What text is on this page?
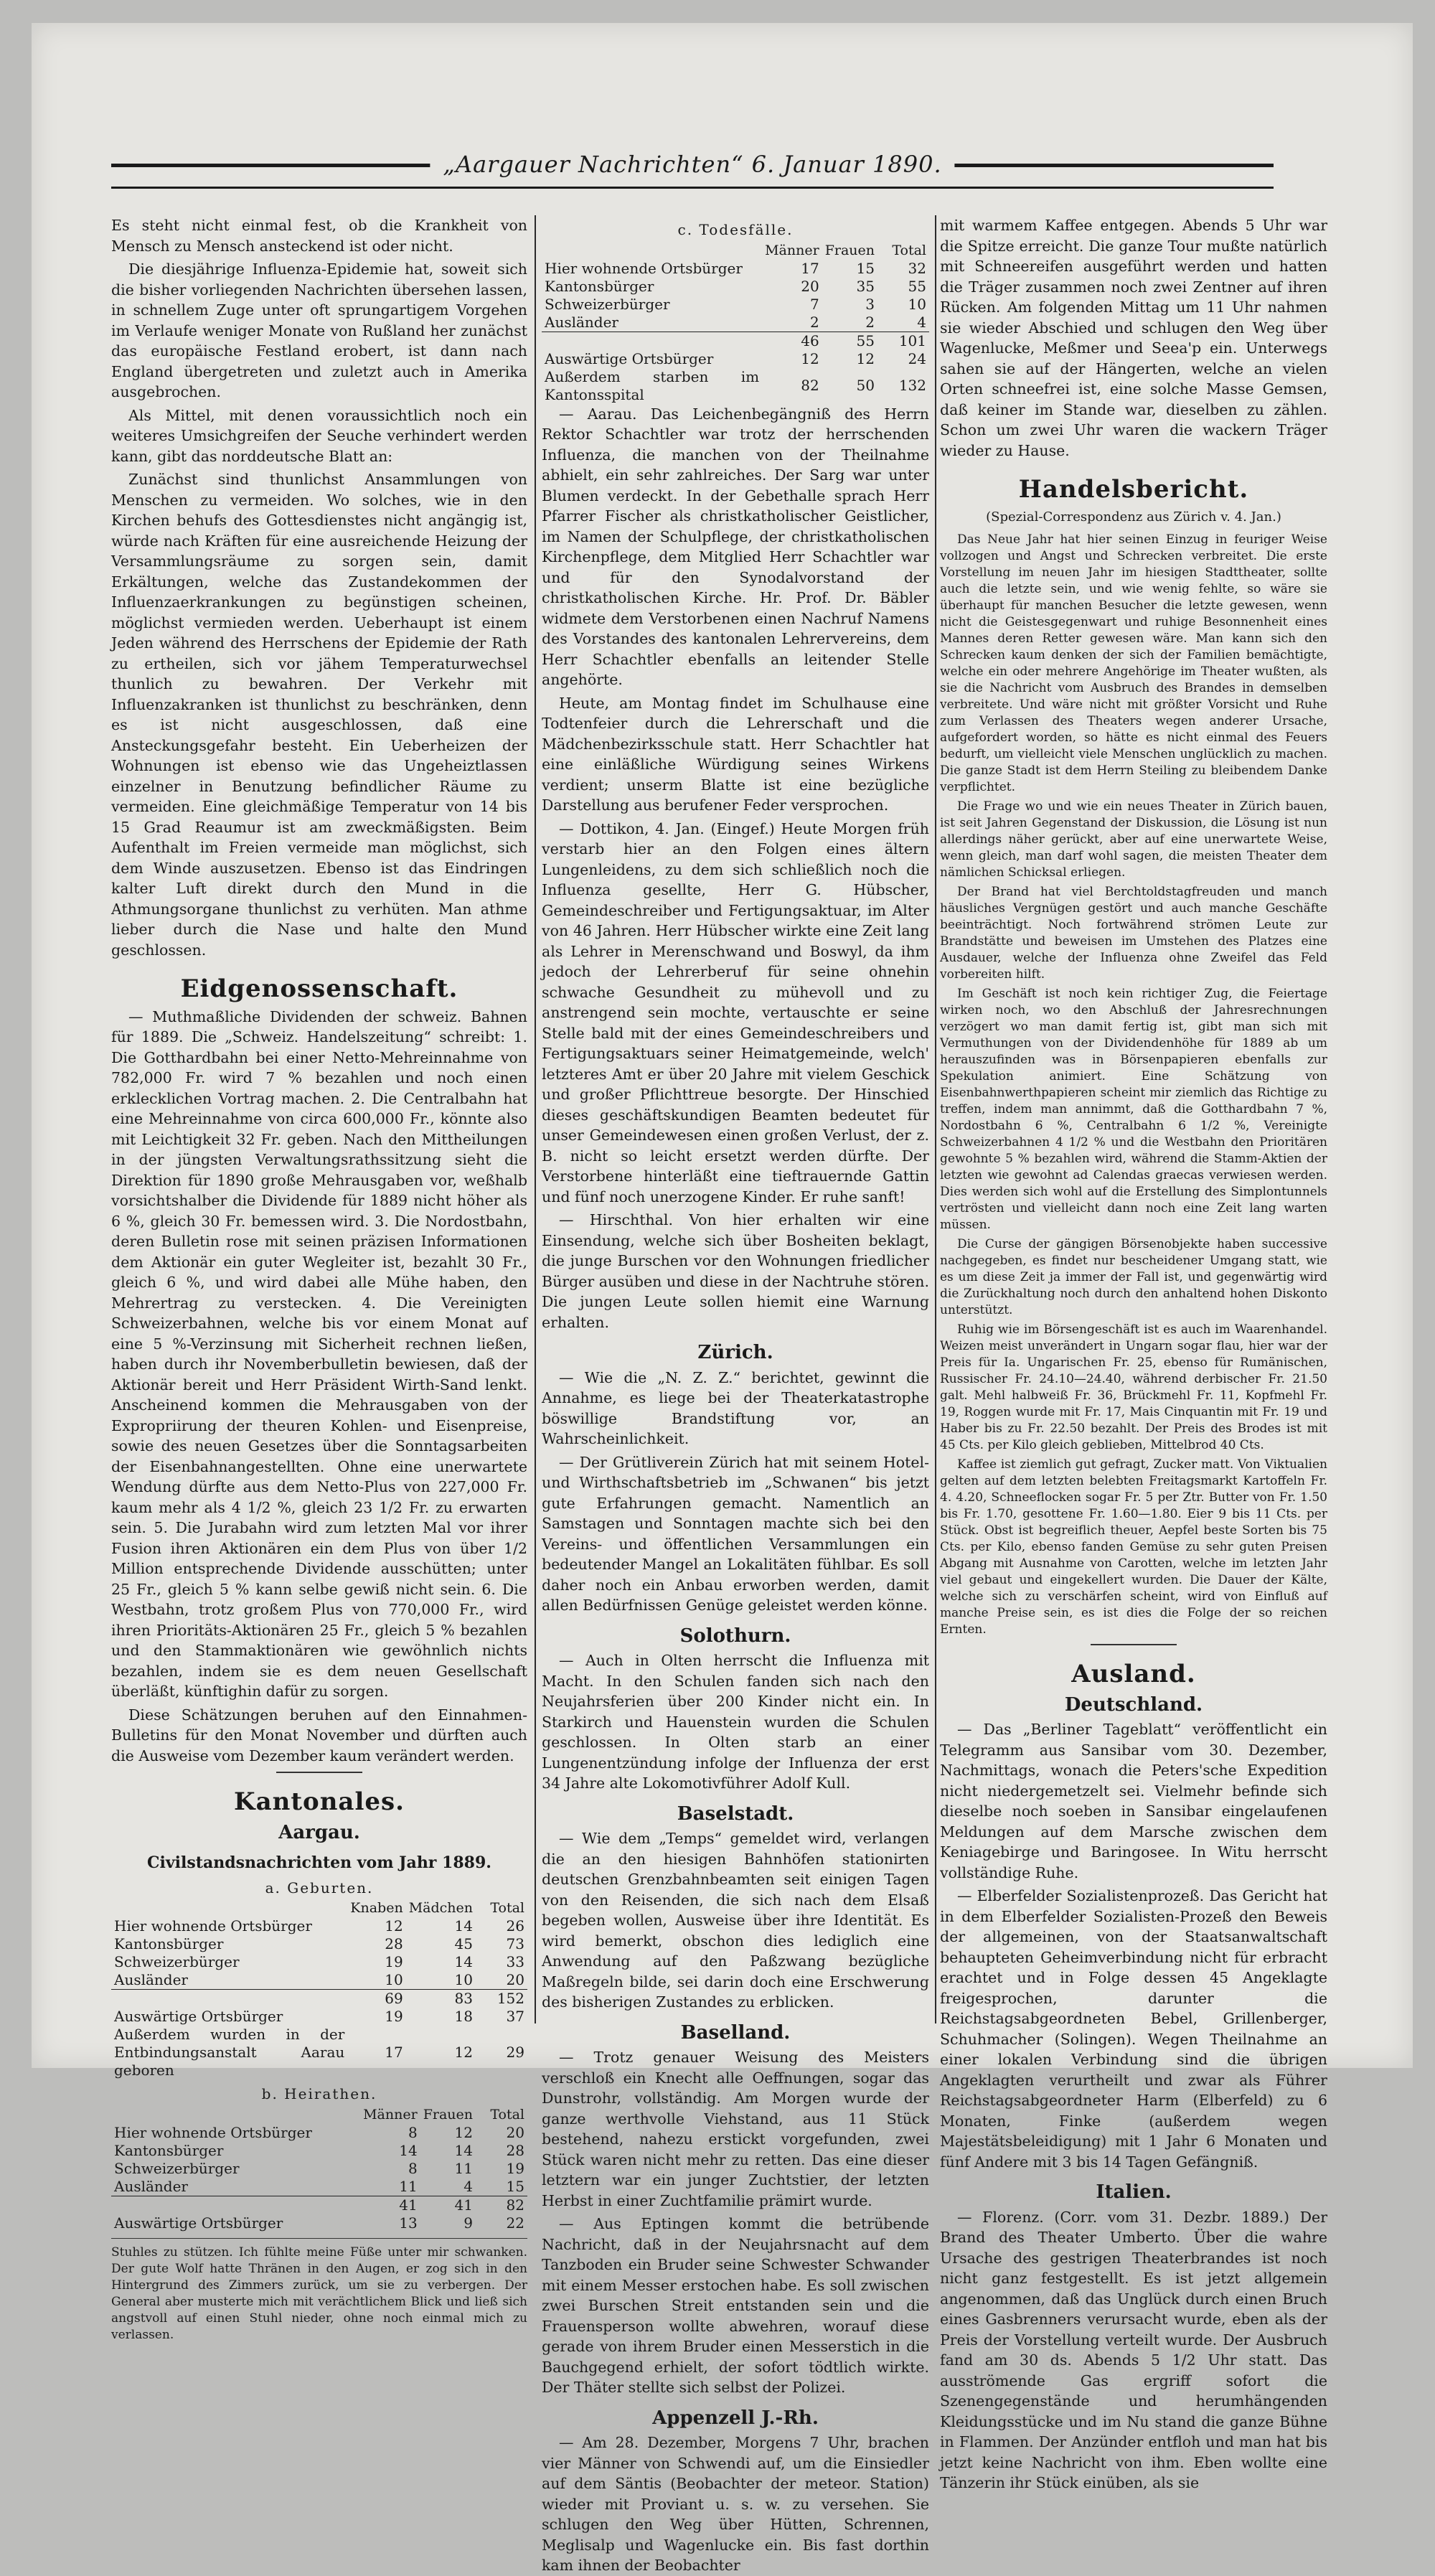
„Aargauer Nachrichten“ 6. Januar 1890.

Es steht nicht einmal fest, ob die Krankheit von Mensch zu Mensch ansteckend ist oder nicht.

Die diesjährige Influenza-Epidemie hat, soweit sich die bisher vorliegenden Nachrichten übersehen lassen, in schnellem Zuge unter oft sprungartigem Vorgehen im Verlaufe weniger Monate von Rußland her zunächst das europäische Festland erobert, ist dann nach England übergetreten und zuletzt auch in Amerika ausgebrochen.

Als Mittel, mit denen voraussichtlich noch ein weiteres Umsichgreifen der Seuche verhindert werden kann, gibt das norddeutsche Blatt an:

Zunächst sind thunlichst Ansammlungen von Menschen zu vermeiden. Wo solches, wie in den Kirchen behufs des Gottesdienstes nicht angängig ist, würde nach Kräften für eine ausreichende Heizung der Versammlungsräume zu sorgen sein, damit Erkältungen, welche das Zustandekommen der Influenzaerkrankungen zu begünstigen scheinen, möglichst vermieden werden. Ueberhaupt ist einem Jeden während des Herrschens der Epidemie der Rath zu ertheilen, sich vor jähem Temperaturwechsel thunlich zu bewahren. Der Verkehr mit Influenzakranken ist thunlichst zu beschränken, denn es ist nicht ausgeschlossen, daß eine Ansteckungsgefahr besteht. Ein Ueberheizen der Wohnungen ist ebenso wie das Ungeheiztlassen einzelner in Benutzung befindlicher Räume zu vermeiden. Eine gleichmäßige Temperatur von 14 bis 15 Grad Reaumur ist am zweckmäßigsten. Beim Aufenthalt im Freien vermeide man möglichst, sich dem Winde auszusetzen. Ebenso ist das Eindringen kalter Luft direkt durch den Mund in die Athmungsorgane thunlichst zu verhüten. Man athme lieber durch die Nase und halte den Mund geschlossen.

Eidgenossenschaft.

— Muthmaßliche Dividenden der schweiz. Bahnen für 1889. Die „Schweiz. Handelszeitung“ schreibt: 1. Die Gotthardbahn bei einer Netto-Mehreinnahme von 782,000 Fr. wird 7 % bezahlen und noch einen erklecklichen Vortrag machen. 2. Die Centralbahn hat eine Mehreinnahme von circa 600,000 Fr., könnte also mit Leichtigkeit 32 Fr. geben. Nach den Mittheilungen in der jüngsten Verwaltungsrathssitzung sieht die Direktion für 1890 große Mehrausgaben vor, weßhalb vorsichtshalber die Dividende für 1889 nicht höher als 6 %, gleich 30 Fr. bemessen wird. 3. Die Nordostbahn, deren Bulletin rose mit seinen präzisen Informationen dem Aktionär ein guter Wegleiter ist, bezahlt 30 Fr., gleich 6 %, und wird dabei alle Mühe haben, den Mehrertrag zu verstecken. 4. Die Vereinigten Schweizerbahnen, welche bis vor einem Monat auf eine 5 %-Verzinsung mit Sicherheit rechnen ließen, haben durch ihr Novemberbulletin bewiesen, daß der Aktionär bereit und Herr Präsident Wirth-Sand lenkt. Anscheinend kommen die Mehrausgaben von der Expropriirung der theuren Kohlen- und Eisenpreise, sowie des neuen Gesetzes über die Sonntagsarbeiten der Eisenbahnangestellten. Ohne eine unerwartete Wendung dürfte aus dem Netto-Plus von 227,000 Fr. kaum mehr als 4 1/2 %, gleich 23 1/2 Fr. zu erwarten sein. 5. Die Jurabahn wird zum letzten Mal vor ihrer Fusion ihren Aktionären ein dem Plus von über 1/2 Million entsprechende Dividende ausschütten; unter 25 Fr., gleich 5 % kann selbe gewiß nicht sein. 6. Die Westbahn, trotz großem Plus von 770,000 Fr., wird ihren Prioritäts-Aktionären 25 Fr., gleich 5 % bezahlen und den Stammaktionären wie gewöhnlich nichts bezahlen, indem sie es dem neuen Gesellschaft überläßt, künftighin dafür zu sorgen.

Diese Schätzungen beruhen auf den Einnahmen-Bulletins für den Monat November und dürften auch die Ausweise vom Dezember kaum verändert werden.

Kantonales.
Aargau.
Civilstandsnachrichten vom Jahr 1889.
a. Geburten.
	Knaben	Mädchen	Total
Hier wohnende Ortsbürger	12	14	26
Kantonsbürger	28	45	73
Schweizerbürger	19	14	33
Ausländer	10	10	20
	69	83	152
Auswärtige Ortsbürger	19	18	37
Außerdem wurden in der Entbindungsanstalt Aarau geboren	17	12	29
b. Heirathen.
	Männer	Frauen	Total
Hier wohnende Ortsbürger	8	12	20
Kantonsbürger	14	14	28
Schweizerbürger	8	11	19
Ausländer	11	4	15
	41	41	82
Auswärtige Ortsbürger	13	9	22

Stuhles zu stützen. Ich fühlte meine Füße unter mir schwanken. Der gute Wolf hatte Thränen in den Augen, er zog sich in den Hintergrund des Zimmers zurück, um sie zu verbergen. Der General aber musterte mich mit verächtlichem Blick und ließ sich angstvoll auf einen Stuhl nieder, ohne noch einmal mich zu verlassen.

c. Todesfälle.
	Männer	Frauen	Total
Hier wohnende Ortsbürger	17	15	32
Kantonsbürger	20	35	55
Schweizerbürger	7	3	10
Ausländer	2	2	4
	46	55	101
Auswärtige Ortsbürger	12	12	24
Außerdem starben im Kantonsspital	82	50	132

— Aarau. Das Leichenbegängniß des Herrn Rektor Schachtler war trotz der herrschenden Influenza, die manchen von der Theilnahme abhielt, ein sehr zahlreiches. Der Sarg war unter Blumen verdeckt. In der Gebethalle sprach Herr Pfarrer Fischer als christkatholischer Geistlicher, im Namen der Schulpflege, der christkatholischen Kirchenpflege, dem Mitglied Herr Schachtler war und für den Synodalvorstand der christkatholischen Kirche. Hr. Prof. Dr. Bäbler widmete dem Verstorbenen einen Nachruf Namens des Vorstandes des kantonalen Lehrervereins, dem Herr Schachtler ebenfalls an leitender Stelle angehörte.

Heute, am Montag findet im Schulhause eine Todtenfeier durch die Lehrerschaft und die Mädchenbezirksschule statt. Herr Schachtler hat eine einläßliche Würdigung seines Wirkens verdient; unserm Blatte ist eine bezügliche Darstellung aus berufener Feder versprochen.

— Dottikon, 4. Jan. (Eingef.) Heute Morgen früh verstarb hier an den Folgen eines ältern Lungenleidens, zu dem sich schließlich noch die Influenza gesellte, Herr G. Hübscher, Gemeindeschreiber und Fertigungsaktuar, im Alter von 46 Jahren. Herr Hübscher wirkte eine Zeit lang als Lehrer in Merenschwand und Boswyl, da ihm jedoch der Lehrerberuf für seine ohnehin schwache Gesundheit zu mühevoll und zu anstrengend sein mochte, vertauschte er seine Stelle bald mit der eines Gemeindeschreibers und Fertigungsaktuars seiner Heimatgemeinde, welch' letzteres Amt er über 20 Jahre mit vielem Geschick und großer Pflichttreue besorgte. Der Hinschied dieses geschäftskundigen Beamten bedeutet für unser Gemeindewesen einen großen Verlust, der z. B. nicht so leicht ersetzt werden dürfte. Der Verstorbene hinterläßt eine tieftrauernde Gattin und fünf noch unerzogene Kinder. Er ruhe sanft!

— Hirschthal. Von hier erhalten wir eine Einsendung, welche sich über Bosheiten beklagt, die junge Burschen vor den Wohnungen friedlicher Bürger ausüben und diese in der Nachtruhe stören. Die jungen Leute sollen hiemit eine Warnung erhalten.

Zürich.

— Wie die „N. Z. Z.“ berichtet, gewinnt die Annahme, es liege bei der Theaterkatastrophe böswillige Brandstiftung vor, an Wahrscheinlichkeit.

— Der Grütliverein Zürich hat mit seinem Hotel- und Wirthschaftsbetrieb im „Schwanen“ bis jetzt gute Erfahrungen gemacht. Namentlich an Samstagen und Sonntagen machte sich bei den Vereins- und öffentlichen Versammlungen ein bedeutender Mangel an Lokalitäten fühlbar. Es soll daher noch ein Anbau erworben werden, damit allen Bedürfnissen Genüge geleistet werden könne.

Solothurn.

— Auch in Olten herrscht die Influenza mit Macht. In den Schulen fanden sich nach den Neujahrsferien über 200 Kinder nicht ein. In Starkirch und Hauenstein wurden die Schulen geschlossen. In Olten starb an einer Lungenentzündung infolge der Influenza der erst 34 Jahre alte Lokomotivführer Adolf Kull.

Baselstadt.

— Wie dem „Temps“ gemeldet wird, verlangen die an den hiesigen Bahnhöfen stationirten deutschen Grenzbahnbeamten seit einigen Tagen von den Reisenden, die sich nach dem Elsaß begeben wollen, Ausweise über ihre Identität. Es wird bemerkt, obschon dies lediglich eine Anwendung auf den Paßzwang bezügliche Maßregeln bilde, sei darin doch eine Erschwerung des bisherigen Zustandes zu erblicken.

Baselland.

— Trotz genauer Weisung des Meisters verschloß ein Knecht alle Oeffnungen, sogar das Dunstrohr, vollständig. Am Morgen wurde der ganze werthvolle Viehstand, aus 11 Stück bestehend, nahezu erstickt vorgefunden, zwei Stück waren nicht mehr zu retten. Das eine dieser letztern war ein junger Zuchtstier, der letzten Herbst in einer Zuchtfamilie prämirt wurde.

— Aus Eptingen kommt die betrübende Nachricht, daß in der Neujahrsnacht auf dem Tanzboden ein Bruder seine Schwester Schwander mit einem Messer erstochen habe. Es soll zwischen zwei Burschen Streit entstanden sein und die Frauensperson wollte abwehren, worauf diese gerade von ihrem Bruder einen Messerstich in die Bauchgegend erhielt, der sofort tödtlich wirkte. Der Thäter stellte sich selbst der Polizei.

Appenzell J.-Rh.

— Am 28. Dezember, Morgens 7 Uhr, brachen vier Männer von Schwendi auf, um die Einsiedler auf dem Säntis (Beobachter der meteor. Station) wieder mit Proviant u. s. w. zu versehen. Sie schlugen den Weg über Hütten, Schrennen, Meglisalp und Wagenlucke ein. Bis fast dorthin kam ihnen der Beobachter

mit warmem Kaffee entgegen. Abends 5 Uhr war die Spitze erreicht. Die ganze Tour mußte natürlich mit Schneereifen ausgeführt werden und hatten die Träger zusammen noch zwei Zentner auf ihren Rücken. Am folgenden Mittag um 11 Uhr nahmen sie wieder Abschied und schlugen den Weg über Wagenlucke, Meßmer und Seea'p ein. Unterwegs sahen sie auf der Hängerten, welche an vielen Orten schneefrei ist, eine solche Masse Gemsen, daß keiner im Stande war, dieselben zu zählen. Schon um zwei Uhr waren die wackern Träger wieder zu Hause.

Handelsbericht.
(Spezial-Correspondenz aus Zürich v. 4. Jan.)

Das Neue Jahr hat hier seinen Einzug in feuriger Weise vollzogen und Angst und Schrecken verbreitet. Die erste Vorstellung im neuen Jahr im hiesigen Stadttheater, sollte auch die letzte sein, und wie wenig fehlte, so wäre sie überhaupt für manchen Besucher die letzte gewesen, wenn nicht die Geistesgegenwart und ruhige Besonnenheit eines Mannes deren Retter gewesen wäre. Man kann sich den Schrecken kaum denken der sich der Familien bemächtigte, welche ein oder mehrere Angehörige im Theater wußten, als sie die Nachricht vom Ausbruch des Brandes in demselben verbreitete. Und wäre nicht mit größter Vorsicht und Ruhe zum Verlassen des Theaters wegen anderer Ursache, aufgefordert worden, so hätte es nicht einmal des Feuers bedurft, um vielleicht viele Menschen unglücklich zu machen. Die ganze Stadt ist dem Herrn Steiling zu bleibendem Danke verpflichtet.

Die Frage wo und wie ein neues Theater in Zürich bauen, ist seit Jahren Gegenstand der Diskussion, die Lösung ist nun allerdings näher gerückt, aber auf eine unerwartete Weise, wenn gleich, man darf wohl sagen, die meisten Theater dem nämlichen Schicksal erliegen.

Der Brand hat viel Berchtoldstagfreuden und manch häusliches Vergnügen gestört und auch manche Geschäfte beeinträchtigt. Noch fortwährend strömen Leute zur Brandstätte und beweisen im Umstehen des Platzes eine Ausdauer, welche der Influenza ohne Zweifel das Feld vorbereiten hilft.

Im Geschäft ist noch kein richtiger Zug, die Feiertage wirken noch, wo den Abschluß der Jahresrechnungen verzögert wo man damit fertig ist, gibt man sich mit Vermuthungen von der Dividendenhöhe für 1889 ab um herauszufinden was in Börsenpapieren ebenfalls zur Spekulation animiert. Eine Schätzung von Eisenbahnwerthpapieren scheint mir ziemlich das Richtige zu treffen, indem man annimmt, daß die Gotthardbahn 7 %, Nordostbahn 6 %, Centralbahn 6 1/2 %, Vereinigte Schweizerbahnen 4 1/2 % und die Westbahn den Prioritären gewohnte 5 % bezahlen wird, während die Stamm-Aktien der letzten wie gewohnt ad Calendas graecas verwiesen werden. Dies werden sich wohl auf die Erstellung des Simplontunnels vertrösten und vielleicht dann noch eine Zeit lang warten müssen.

Die Curse der gängigen Börsenobjekte haben successive nachgegeben, es findet nur bescheidener Umgang statt, wie es um diese Zeit ja immer der Fall ist, und gegenwärtig wird die Zurückhaltung noch durch den anhaltend hohen Diskonto unterstützt.

Ruhig wie im Börsengeschäft ist es auch im Waarenhandel. Weizen meist unverändert in Ungarn sogar flau, hier war der Preis für Ia. Ungarischen Fr. 25, ebenso für Rumänischen, Russischer Fr. 24.10—24.40, während derbischer Fr. 21.50 galt. Mehl halbweiß Fr. 36, Brückmehl Fr. 11, Kopfmehl Fr. 19, Roggen wurde mit Fr. 17, Mais Cinquantin mit Fr. 19 und Haber bis zu Fr. 22.50 bezahlt. Der Preis des Brodes ist mit 45 Cts. per Kilo gleich geblieben, Mittelbrod 40 Cts.

Kaffee ist ziemlich gut gefragt, Zucker matt. Von Viktualien gelten auf dem letzten belebten Freitagsmarkt Kartoffeln Fr. 4. 4.20, Schneeflocken sogar Fr. 5 per Ztr. Butter von Fr. 1.50 bis Fr. 1.70, gesottene Fr. 1.60—1.80. Eier 9 bis 11 Cts. per Stück. Obst ist begreiflich theuer, Aepfel beste Sorten bis 75 Cts. per Kilo, ebenso fanden Gemüse zu sehr guten Preisen Abgang mit Ausnahme von Carotten, welche im letzten Jahr viel gebaut und eingekellert wurden. Die Dauer der Kälte, welche sich zu verschärfen scheint, wird von Einfluß auf manche Preise sein, es ist dies die Folge der so reichen Ernten.

Ausland.
Deutschland.

— Das „Berliner Tageblatt“ veröffentlicht ein Telegramm aus Sansibar vom 30. Dezember, Nachmittags, wonach die Peters'sche Expedition nicht niedergemetzelt sei. Vielmehr befinde sich dieselbe noch soeben in Sansibar eingelaufenen Meldungen auf dem Marsche zwischen dem Keniagebirge und Baringosee. In Witu herrscht vollständige Ruhe.

— Elberfelder Sozialistenprozeß. Das Gericht hat in dem Elberfelder Sozialisten-Prozeß den Beweis der allgemeinen, von der Staatsanwaltschaft behaupteten Geheimverbindung nicht für erbracht erachtet und in Folge dessen 45 Angeklagte freigesprochen, darunter die Reichstagsabgeordneten Bebel, Grillenberger, Schuhmacher (Solingen). Wegen Theilnahme an einer lokalen Verbindung sind die übrigen Angeklagten verurtheilt und zwar als Führer Reichstagsabgeordneter Harm (Elberfeld) zu 6 Monaten, Finke (außerdem wegen Majestätsbeleidigung) mit 1 Jahr 6 Monaten und fünf Andere mit 3 bis 14 Tagen Gefängniß.

Italien.

— Florenz. (Corr. vom 31. Dezbr. 1889.) Der Brand des Theater Umberto. Über die wahre Ursache des gestrigen Theaterbrandes ist noch nicht ganz festgestellt. Es ist jetzt allgemein angenommen, daß das Unglück durch einen Bruch eines Gasbrenners verursacht wurde, eben als der Preis der Vorstellung verteilt wurde. Der Ausbruch fand am 30 ds. Abends 5 1/2 Uhr statt. Das ausströmende Gas ergriff sofort die Szenengegenstände und herumhängenden Kleidungsstücke und im Nu stand die ganze Bühne in Flammen. Der Anzünder entfloh und man hat bis jetzt keine Nachricht von ihm. Eben wollte eine Tänzerin ihr Stück einüben, als sie
